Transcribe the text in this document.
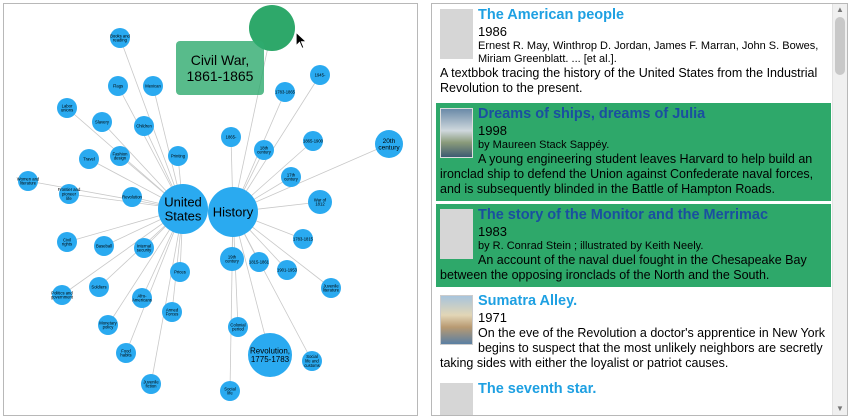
Books and
reading
Flags	Mexican
Labor
unions
Slavery
Children
Fashion
design
Travel
Printing
Women and
literature
Frontier and
pioneer
life	Revolution
Civil
rights	Baseball	Internal
security
Prices
Soldiers
Politics and
government	Afro-
Americans
Armed
Forces
Monetary
policy
Food
habits
Juvenile
fiction
1865-
1945-
1783-1865
18th
century
1865-1900
17th
century
20th
century
War of
1812
1783-1815
19th
century 1815-1861
1901-1953
Juvenile
literature
Revolution,
1775-1783
Colonial
period
Social
life and
customs
Social
life
United
States History
Civil War, 1861-1865
The American people
1986
Ernest R. May, Winthrop D. Jordan, James F. Marran, John S. Bowes, Miriam Greenblatt. ... [et al.].
A textbbok tracing the history of the United States from the Industrial Revolution to the present.
Dreams of ships, dreams of Julia
1998
by Maureen Stack Sappéy.
A young engineering student leaves Harvard to help build an ironclad ship to defend the Union against Confederate naval forces, and is subsequently blinded in the Battle of Hampton Roads.
The story of the Monitor and the Merrimac
1983
by R. Conrad Stein ; illustrated by Keith Neely.
An account of the naval duel fought in the Chesapeake Bay between the opposing ironclads of the North and the South.
Sumatra Alley.
1971
On the eve of the Revolution a doctor's apprentice in New York begins to suspect that the most unlikely neighbors are secretly taking sides with either the loyalist or patriot causes.
The seventh star.
▲
▼
